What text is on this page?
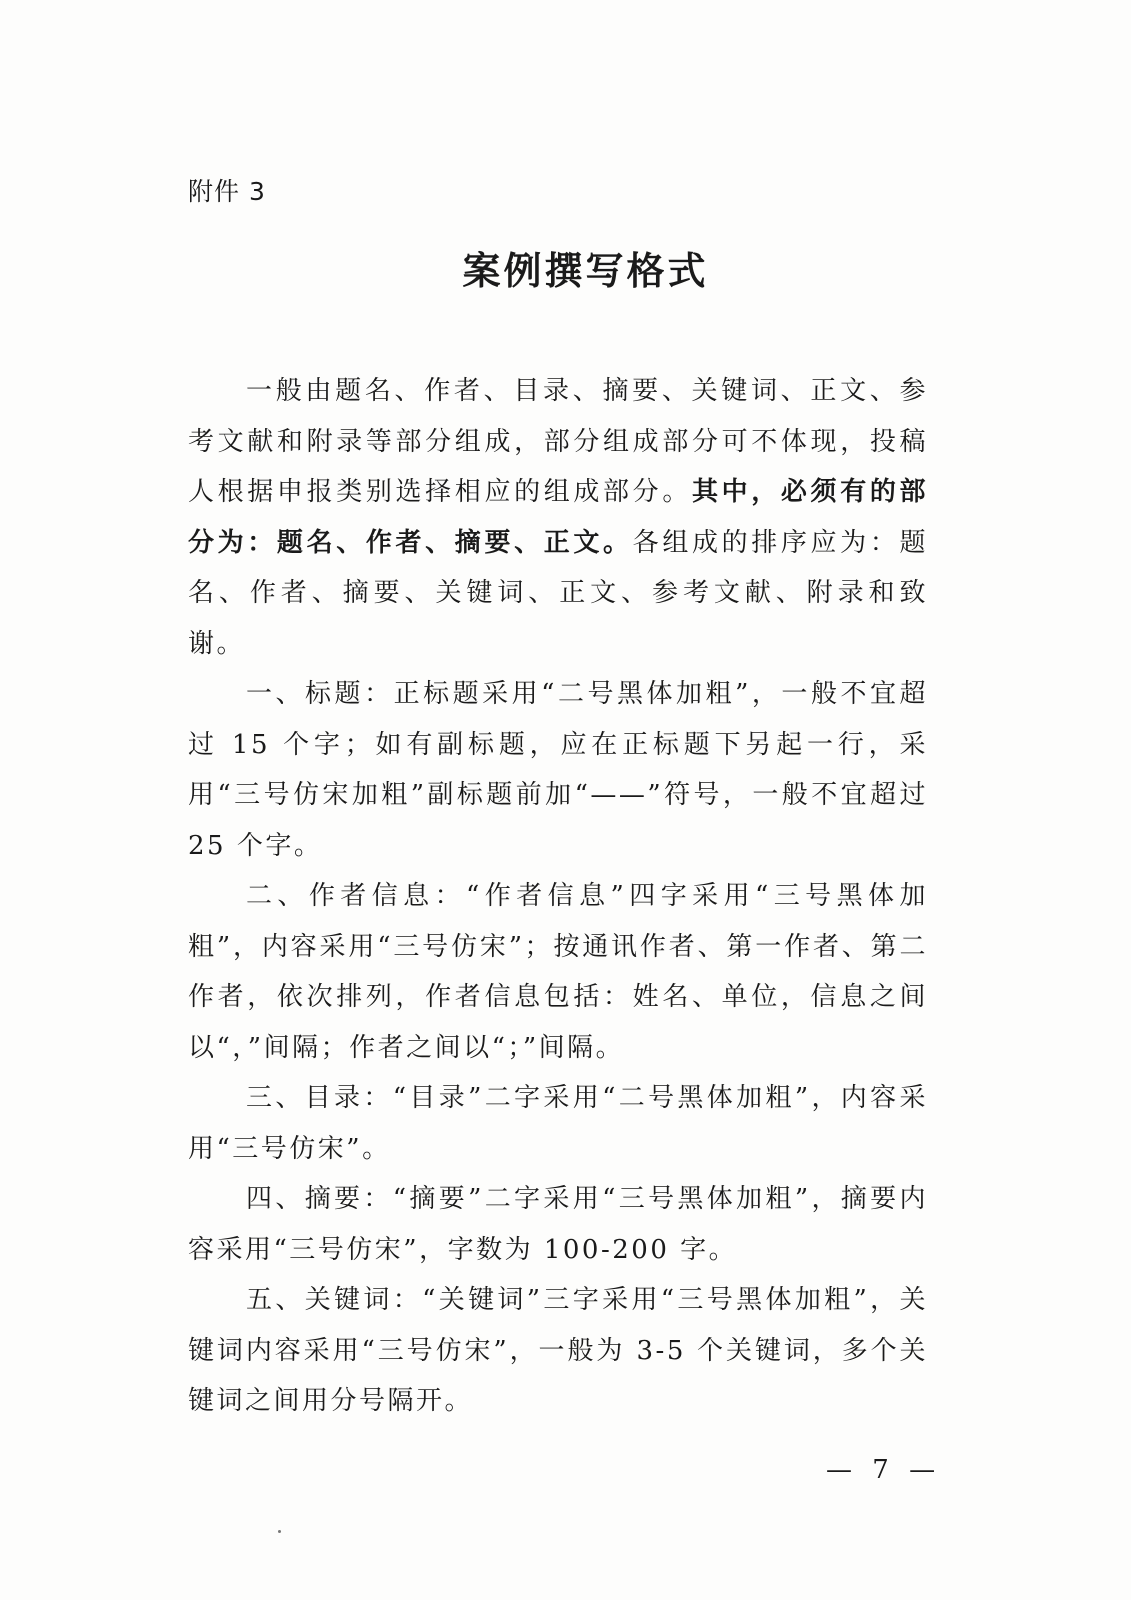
附件 3
案例撰写格式

一般由题名、作者、目录、摘要、关键词、正文、参考文献和附录等部分组成，部分组成部分可不体现，投稿人根据申报类别选择相应的组成部分。其中，必须有的部分为：题名、作者、摘要、正文。各组成的排序应为：题名、作者、摘要、关键词、正文、参考文献、附录和致谢。

一、标题：正标题采用“二号黑体加粗”，一般不宜超过 15 个字；如有副标题，应在正标题下另起一行，采用“三号仿宋加粗”副标题前加“——”符号，一般不宜超过 25 个字。

二、作者信息：“作者信息”四字采用“三号黑体加粗”，内容采用“三号仿宋”；按通讯作者、第一作者、第二作者，依次排列，作者信息包括：姓名、单位，信息之间以“，”间隔；作者之间以“；”间隔。

三、目录：“目录”二字采用“二号黑体加粗”，内容采用“三号仿宋”。

四、摘要：“摘要”二字采用“三号黑体加粗”，摘要内容采用“三号仿宋”，字数为 100-200 字。

五、关键词：“关键词”三字采用“三号黑体加粗”，关键词内容采用“三号仿宋”，一般为 3-5 个关键词，多个关键词之间用分号隔开。

— 7 —
